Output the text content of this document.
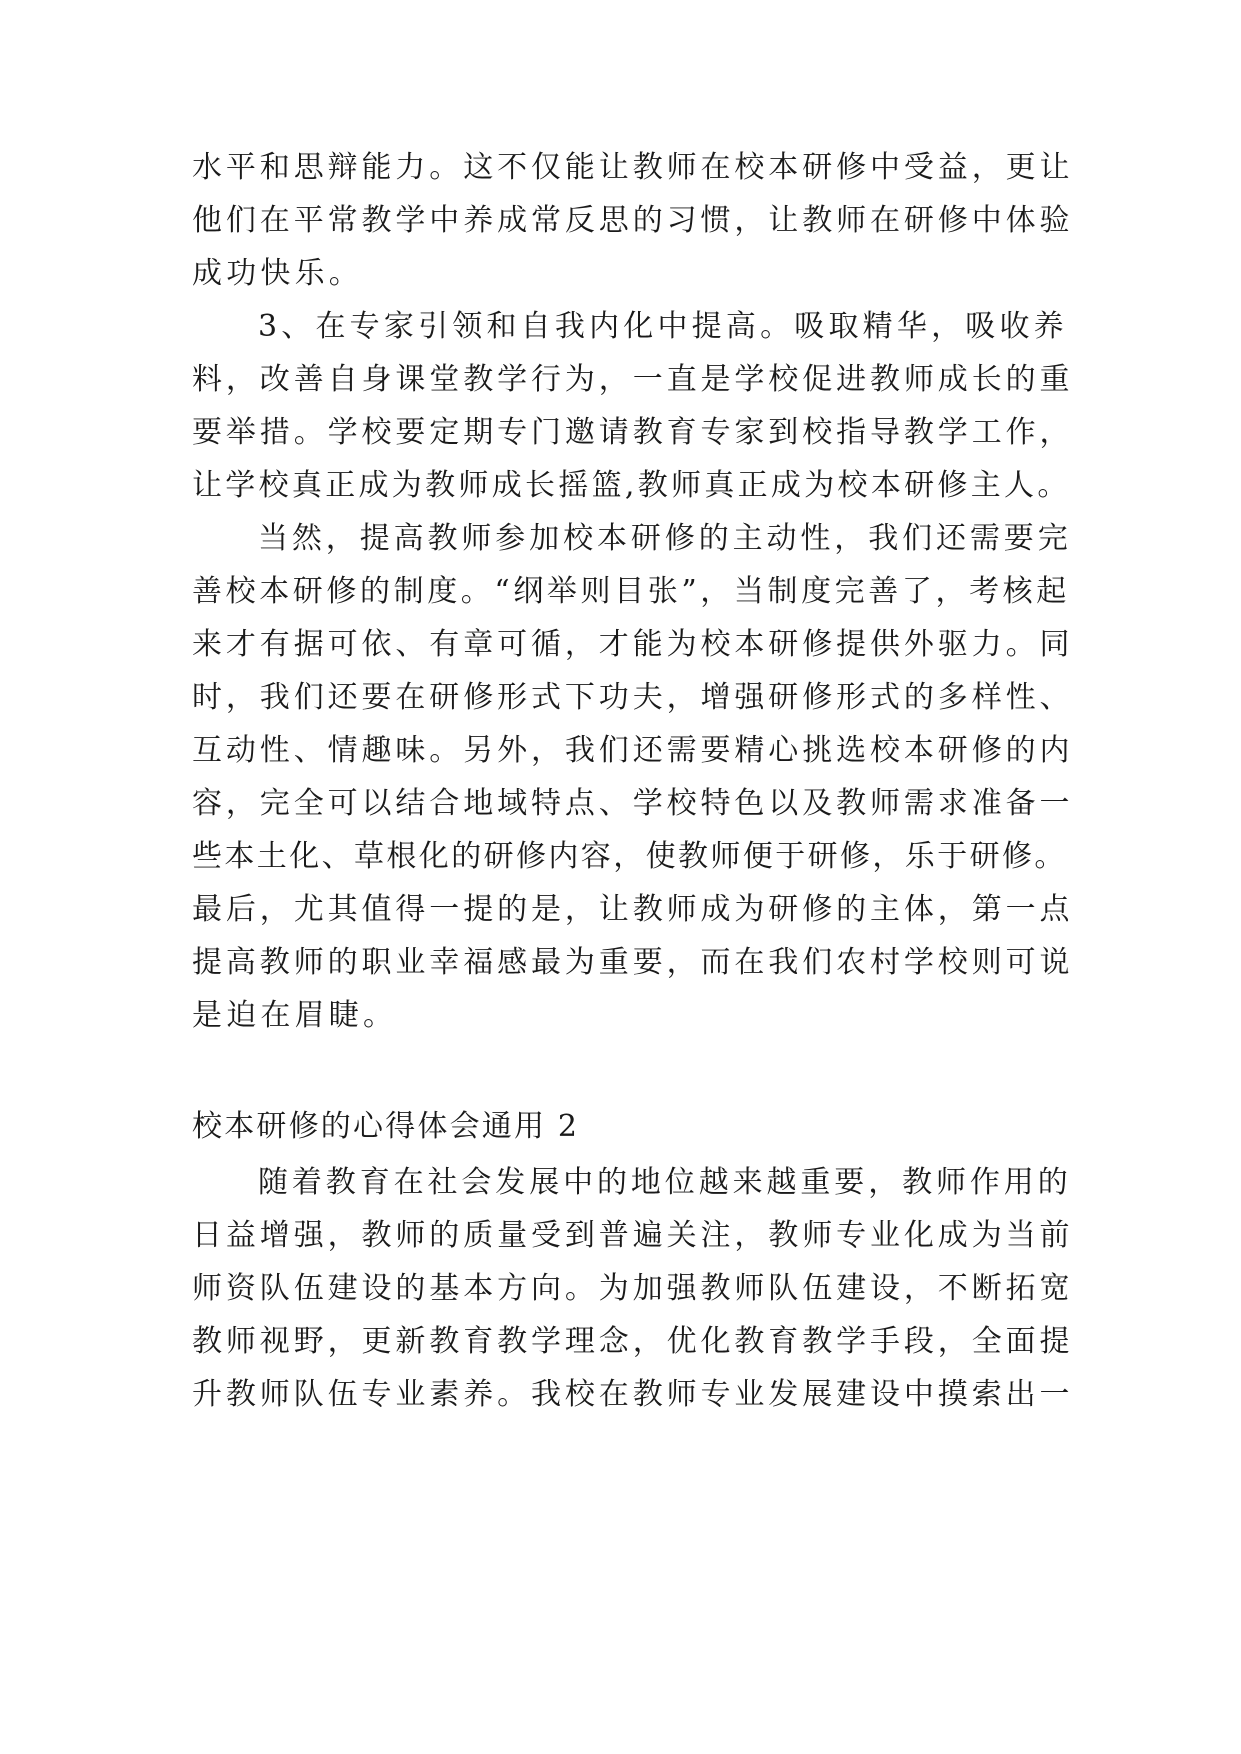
水平和思辩能力。这不仅能让教师在校本研修中受益，更让

他们在平常教学中养成常反思的习惯，让教师在研修中体验

成功快乐。

3、在专家引领和自我内化中提高。吸取精华，吸收养

料，改善自身课堂教学行为，一直是学校促进教师成长的重

要举措。学校要定期专门邀请教育专家到校指导教学工作，

让学校真正成为教师成长摇篮,教师真正成为校本研修主人。

当然，提高教师参加校本研修的主动性，我们还需要完

善校本研修的制度。“纲举则目张”，当制度完善了，考核起

来才有据可依、有章可循，才能为校本研修提供外驱力。同

时，我们还要在研修形式下功夫，增强研修形式的多样性、

互动性、情趣味。另外，我们还需要精心挑选校本研修的内

容，完全可以结合地域特点、学校特色以及教师需求准备一

些本土化、草根化的研修内容，使教师便于研修，乐于研修。

最后，尤其值得一提的是，让教师成为研修的主体，第一点

提高教师的职业幸福感最为重要，而在我们农村学校则可说

是迫在眉睫。

校本研修的心得体会通用 2

随着教育在社会发展中的地位越来越重要，教师作用的

日益增强，教师的质量受到普遍关注，教师专业化成为当前

师资队伍建设的基本方向。为加强教师队伍建设，不断拓宽

教师视野，更新教育教学理念，优化教育教学手段，全面提

升教师队伍专业素养。我校在教师专业发展建设中摸索出一
